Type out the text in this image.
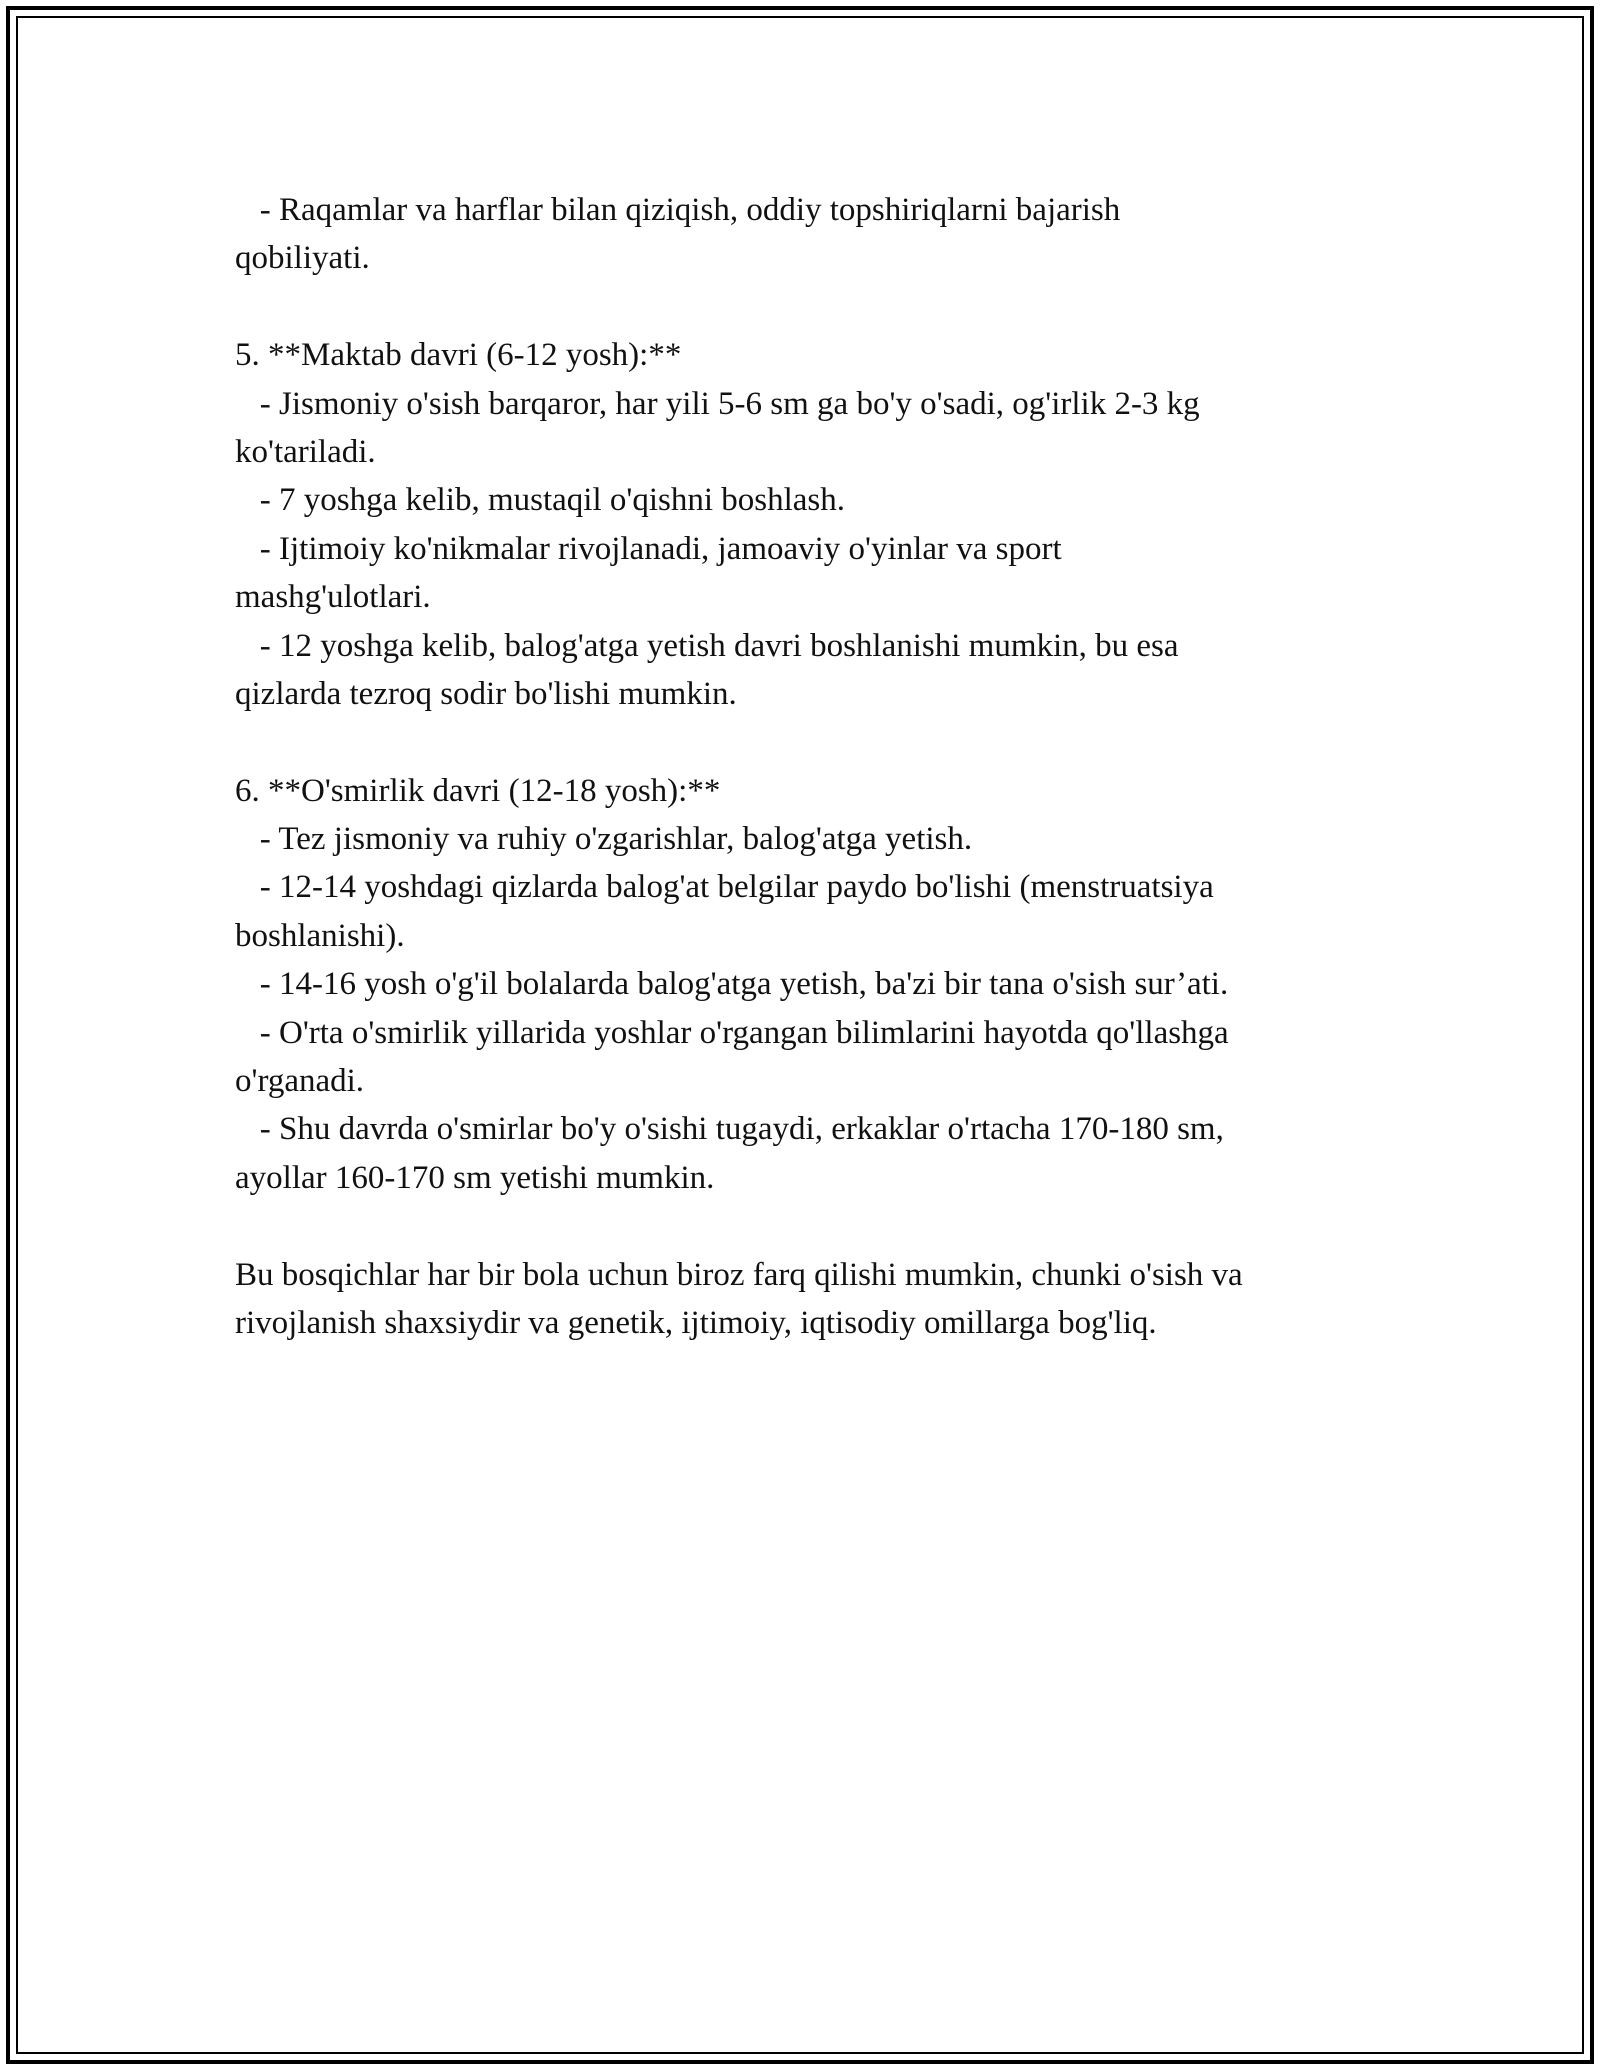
- Raqamlar va harflar bilan qiziqish, oddiy topshiriqlarni bajarish
qobiliyati.
5. **Maktab davri (6-12 yosh):**
- Jismoniy o'sish barqaror, har yili 5-6 sm ga bo'y o'sadi, og'irlik 2-3 kg
ko'tariladi.
- 7 yoshga kelib, mustaqil o'qishni boshlash.
- Ijtimoiy ko'nikmalar rivojlanadi, jamoaviy o'yinlar va sport
mashg'ulotlari.
- 12 yoshga kelib, balog'atga yetish davri boshlanishi mumkin, bu esa
qizlarda tezroq sodir bo'lishi mumkin.
6. **O'smirlik davri (12-18 yosh):**
- Tez jismoniy va ruhiy o'zgarishlar, balog'atga yetish.
- 12-14 yoshdagi qizlarda balog'at belgilar paydo bo'lishi (menstruatsiya
boshlanishi).
- 14-16 yosh o'g'il bolalarda balog'atga yetish, ba'zi bir tana o'sish sur’ati.
- O'rta o'smirlik yillarida yoshlar o'rgangan bilimlarini hayotda qo'llashga
o'rganadi.
- Shu davrda o'smirlar bo'y o'sishi tugaydi, erkaklar o'rtacha 170-180 sm,
ayollar 160-170 sm yetishi mumkin.
Bu bosqichlar har bir bola uchun biroz farq qilishi mumkin, chunki o'sish va
rivojlanish shaxsiydir va genetik, ijtimoiy, iqtisodiy omillarga bog'liq.
